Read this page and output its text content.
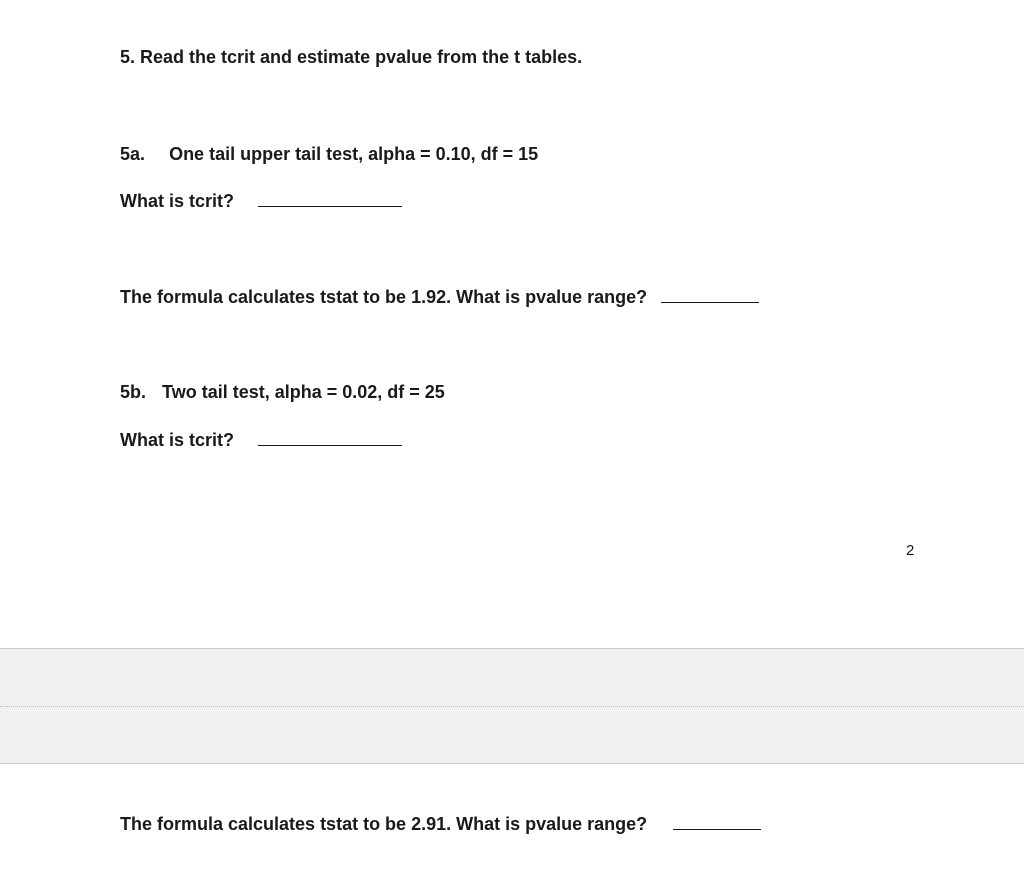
5. Read the tcrit and estimate pvalue from the t tables.
5a. One tail upper tail test, alpha = 0.10, df = 15
What is tcrit?
The formula calculates tstat to be 1.92. What is pvalue range?
5b. Two tail test, alpha = 0.02, df = 25
What is tcrit?
2
The formula calculates tstat to be 2.91. What is pvalue range?
